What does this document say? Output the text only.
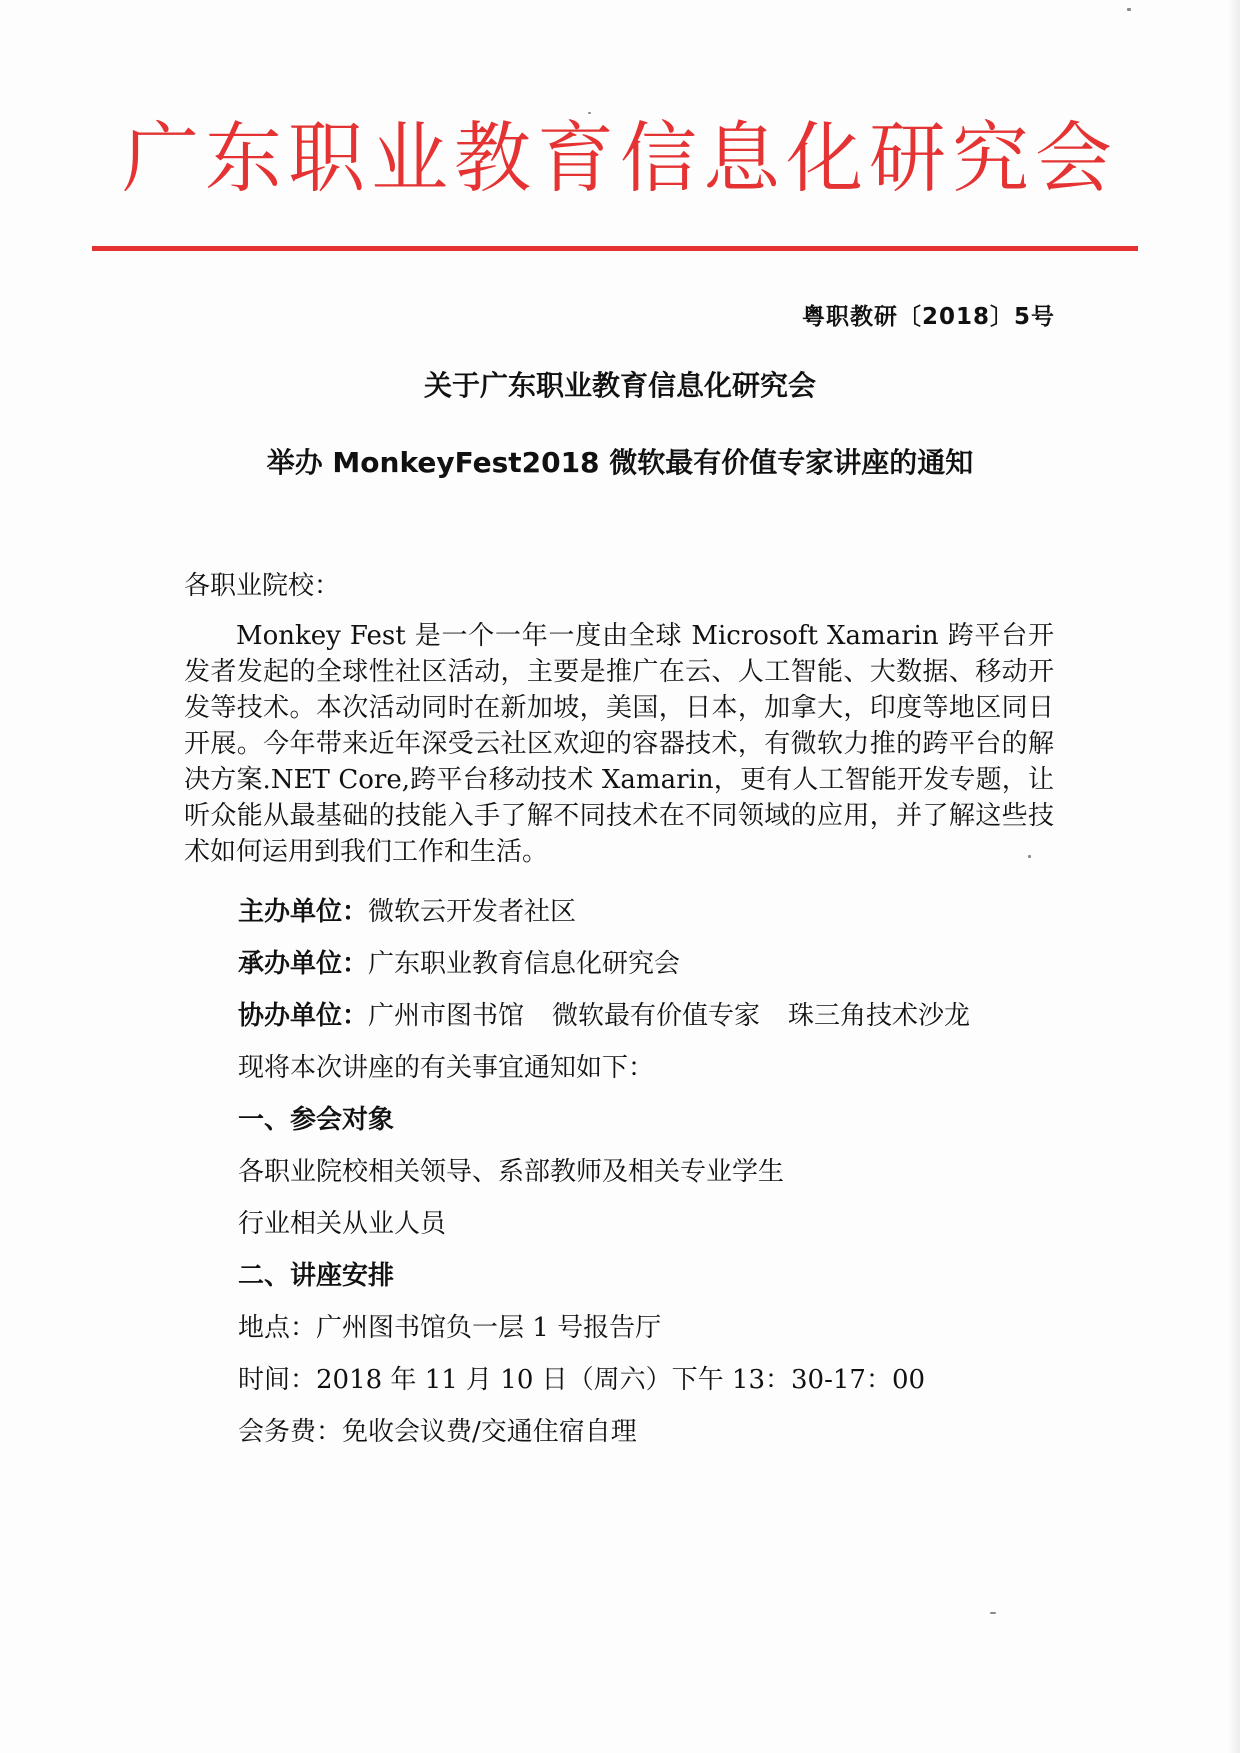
广东职业教育信息化研究会
粤职教研〔2018〕5号
关于广东职业教育信息化研究会
举办 MonkeyFest2018 微软最有价值专家讲座的通知

各职业院校：

Monkey Fest 是一个一年一度由全球 Microsoft Xamarin 跨平台开发者发起的全球性社区活动，主要是推广在云、人工智能、大数据、移动开发等技术。本次活动同时在新加坡，美国，日本，加拿大，印度等地区同日开展。今年带来近年深受云社区欢迎的容器技术，有微软力推的跨平台的解决方案.NET Core,跨平台移动技术 Xamarin，更有人工智能开发专题，让听众能从最基础的技能入手了解不同技术在不同领域的应用，并了解这些技术如何运用到我们工作和生活。

主办单位：微软云开发者社区

承办单位：广东职业教育信息化研究会

协办单位：广州市图书馆 微软最有价值专家 珠三角技术沙龙

现将本次讲座的有关事宜通知如下：

一、参会对象

各职业院校相关领导、系部教师及相关专业学生

行业相关从业人员

二、讲座安排

地点：广州图书馆负一层 1 号报告厅

时间：2018 年 11 月 10 日（周六）下午 13：30-17：00

会务费：免收会议费/交通住宿自理
